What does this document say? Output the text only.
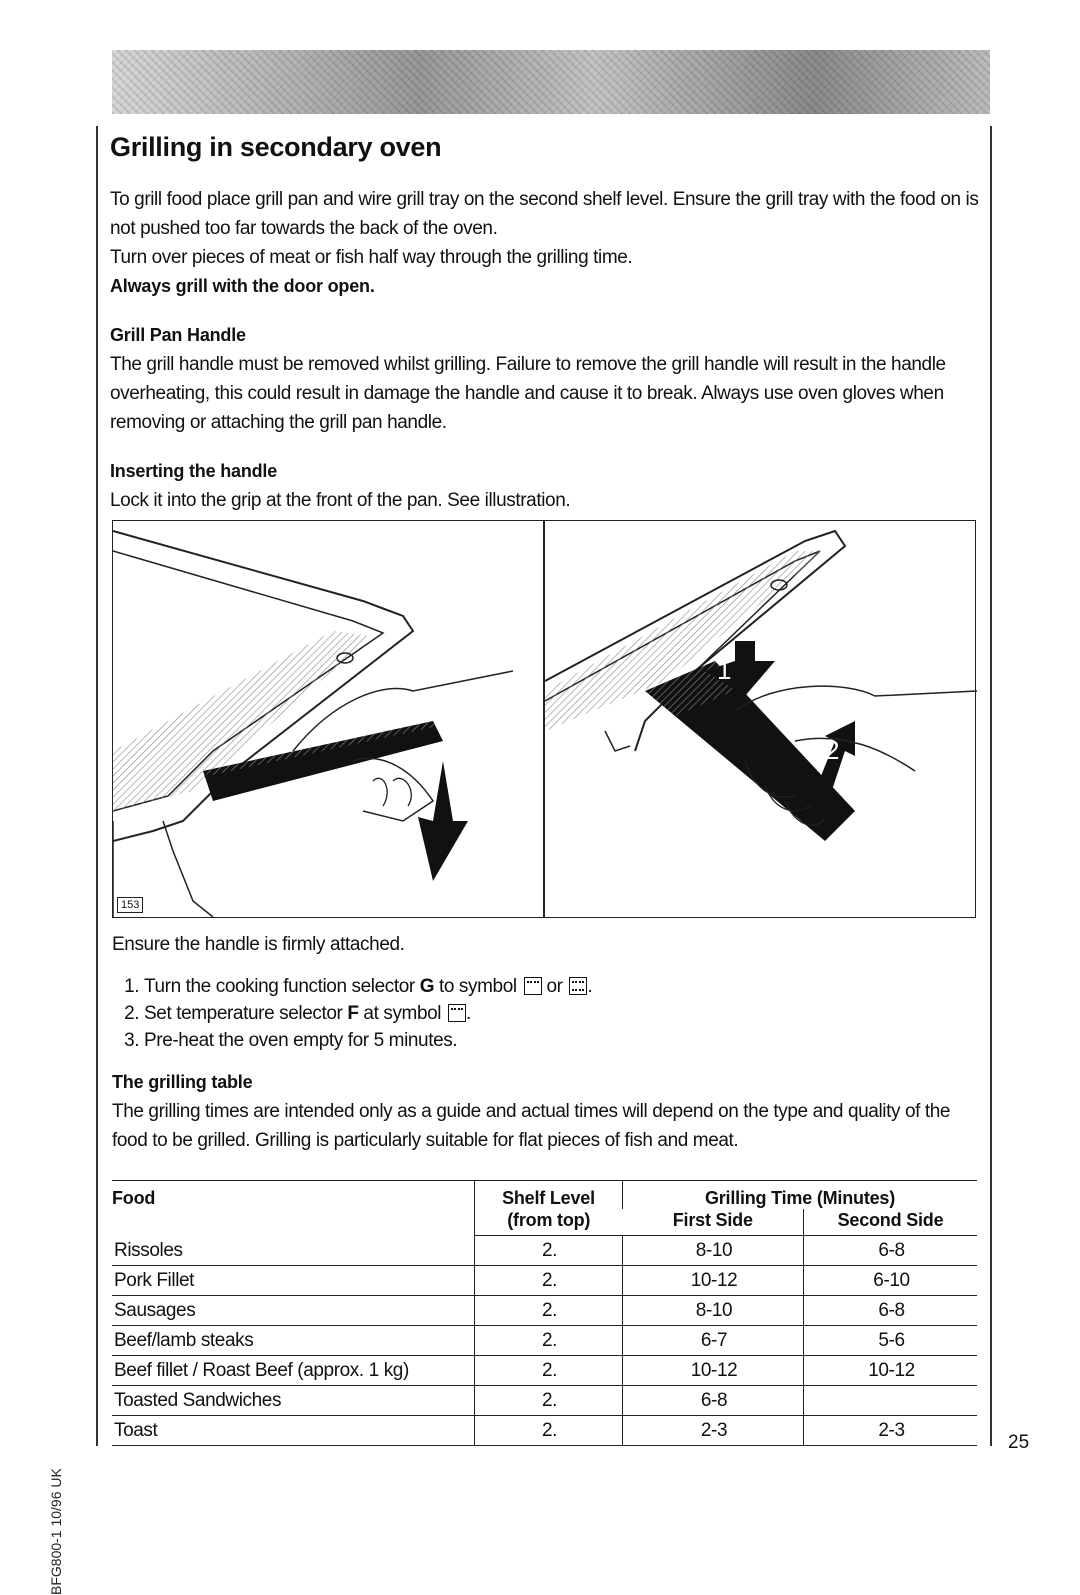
Grilling in secondary oven

To grill food place grill pan and wire grill tray on the second shelf level. Ensure the grill tray with the food on is not pushed too far towards the back of the oven.

Turn over pieces of meat or fish half way through the grilling time.

Always grill with the door open.

Grill Pan Handle

The grill handle must be removed whilst grilling. Failure to remove the grill handle will result in the handle overheating, this could result in damage the handle and cause it to break. Always use oven gloves when removing or attaching the grill pan handle.

Inserting the handle

Lock it into the grip at the front of the pan. See illustration.

1
2
153

Ensure the handle is firmly attached.

1. Turn the cooking function selector G to symbol  or .
2. Set temperature selector F at symbol .
3. Pre-heat the oven empty for 5 minutes.

The grilling table

The grilling times are intended only as a guide and actual times will depend on the type and quality of the food to be grilled. Grilling is particularly suitable for flat pieces of fish and meat.

Food	Shelf Level	Grilling Time (Minutes)	
	(from top)	First Side	Second Side
Rissoles	2.	8-10	6-8
Pork Fillet	2.	10-12	6-10
Sausages	2.	8-10	6-8
Beef/lamb steaks	2.	6-7	5-6
Beef fillet / Roast Beef (approx. 1 kg)	2.	10-12	10-12
Toasted Sandwiches	2.	6-8	
Toast	2.	2-3	2-3
BFG800-1 10/96 UK
25
